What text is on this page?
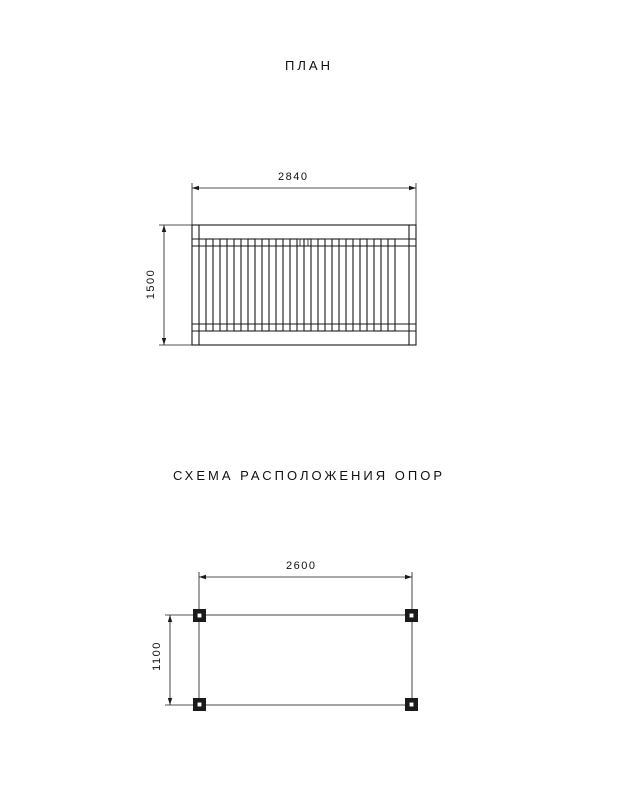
ПЛАН
2840
1500
СХЕМА РАСПОЛОЖЕНИЯ ОПОР
2600
1100
